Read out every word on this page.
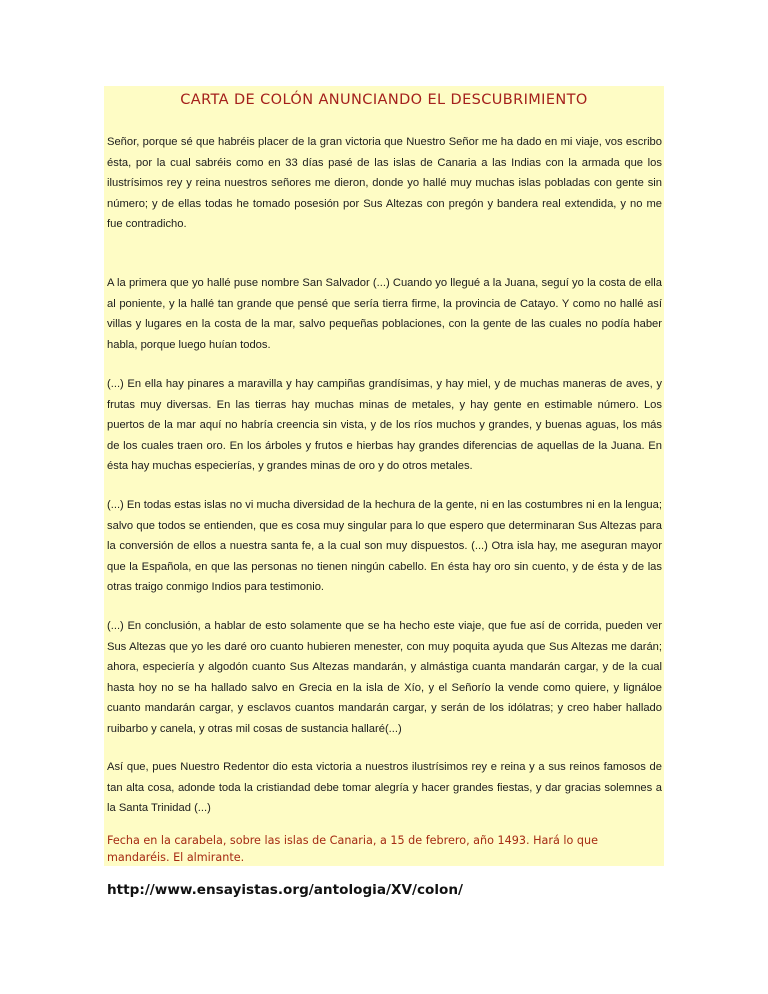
CARTA DE COLÓN ANUNCIANDO EL DESCUBRIMIENTO

Señor, porque sé que habréis placer de la gran victoria que Nuestro Señor me ha dado en mi viaje, vos escribo ésta, por la cual sabréis como en 33 días pasé de las islas de Canaria a las Indias con la armada que los ilustrísimos rey y reina nuestros señores me dieron, donde yo hallé muy muchas islas pobladas con gente sin número; y de ellas todas he tomado posesión por Sus Altezas con pregón y bandera real extendida, y no me fue contradicho.

A la primera que yo hallé puse nombre San Salvador (...) Cuando yo llegué a la Juana, seguí yo la costa de ella al poniente, y la hallé tan grande que pensé que sería tierra firme, la provincia de Catayo. Y como no hallé así villas y lugares en la costa de la mar, salvo pequeñas poblaciones, con la gente de las cuales no podía haber habla, porque luego huían todos.

(...) En ella hay pinares a maravilla y hay campiñas grandísimas, y hay miel, y de muchas maneras de aves, y frutas muy diversas. En las tierras hay muchas minas de metales, y hay gente en estimable número. Los puertos de la mar aquí no habría creencia sin vista, y de los ríos muchos y grandes, y buenas aguas, los más de los cuales traen oro. En los árboles y frutos e hierbas hay grandes diferencias de aquellas de la Juana. En ésta hay muchas especierías, y grandes minas de oro y do otros metales.

(...) En todas estas islas no vi mucha diversidad de la hechura de la gente, ni en las costumbres ni en la lengua; salvo que todos se entienden, que es cosa muy singular para lo que espero que determinaran Sus Altezas para la conversión de ellos a nuestra santa fe, a la cual son muy dispuestos. (...) Otra isla hay, me aseguran mayor que la Española, en que las personas no tienen ningún cabello. En ésta hay oro sin cuento, y de ésta y de las otras traigo conmigo Indios para testimonio.

(...) En conclusión, a hablar de esto solamente que se ha hecho este viaje, que fue así de corrida, pueden ver Sus Altezas que yo les daré oro cuanto hubieren menester, con muy poquita ayuda que Sus Altezas me darán; ahora, especiería y algodón cuanto Sus Altezas mandarán, y almástiga cuanta mandarán cargar, y de la cual hasta hoy no se ha hallado salvo en Grecia en la isla de Xío, y el Señorío la vende como quiere, y lignáloe cuanto mandarán cargar, y esclavos cuantos mandarán cargar, y serán de los idólatras; y creo haber hallado ruibarbo y canela, y otras mil cosas de sustancia hallaré(...)

Así que, pues Nuestro Redentor dio esta victoria a nuestros ilustrísimos rey e reina y a sus reinos famosos de tan alta cosa, adonde toda la cristiandad debe tomar alegría y hacer grandes fiestas, y dar gracias solemnes a la Santa Trinidad (...)

Fecha en la carabela, sobre las islas de Canaria, a 15 de febrero, año 1493. Hará lo que mandaréis. El almirante.

http://www.ensayistas.org/antologia/XV/colon/
